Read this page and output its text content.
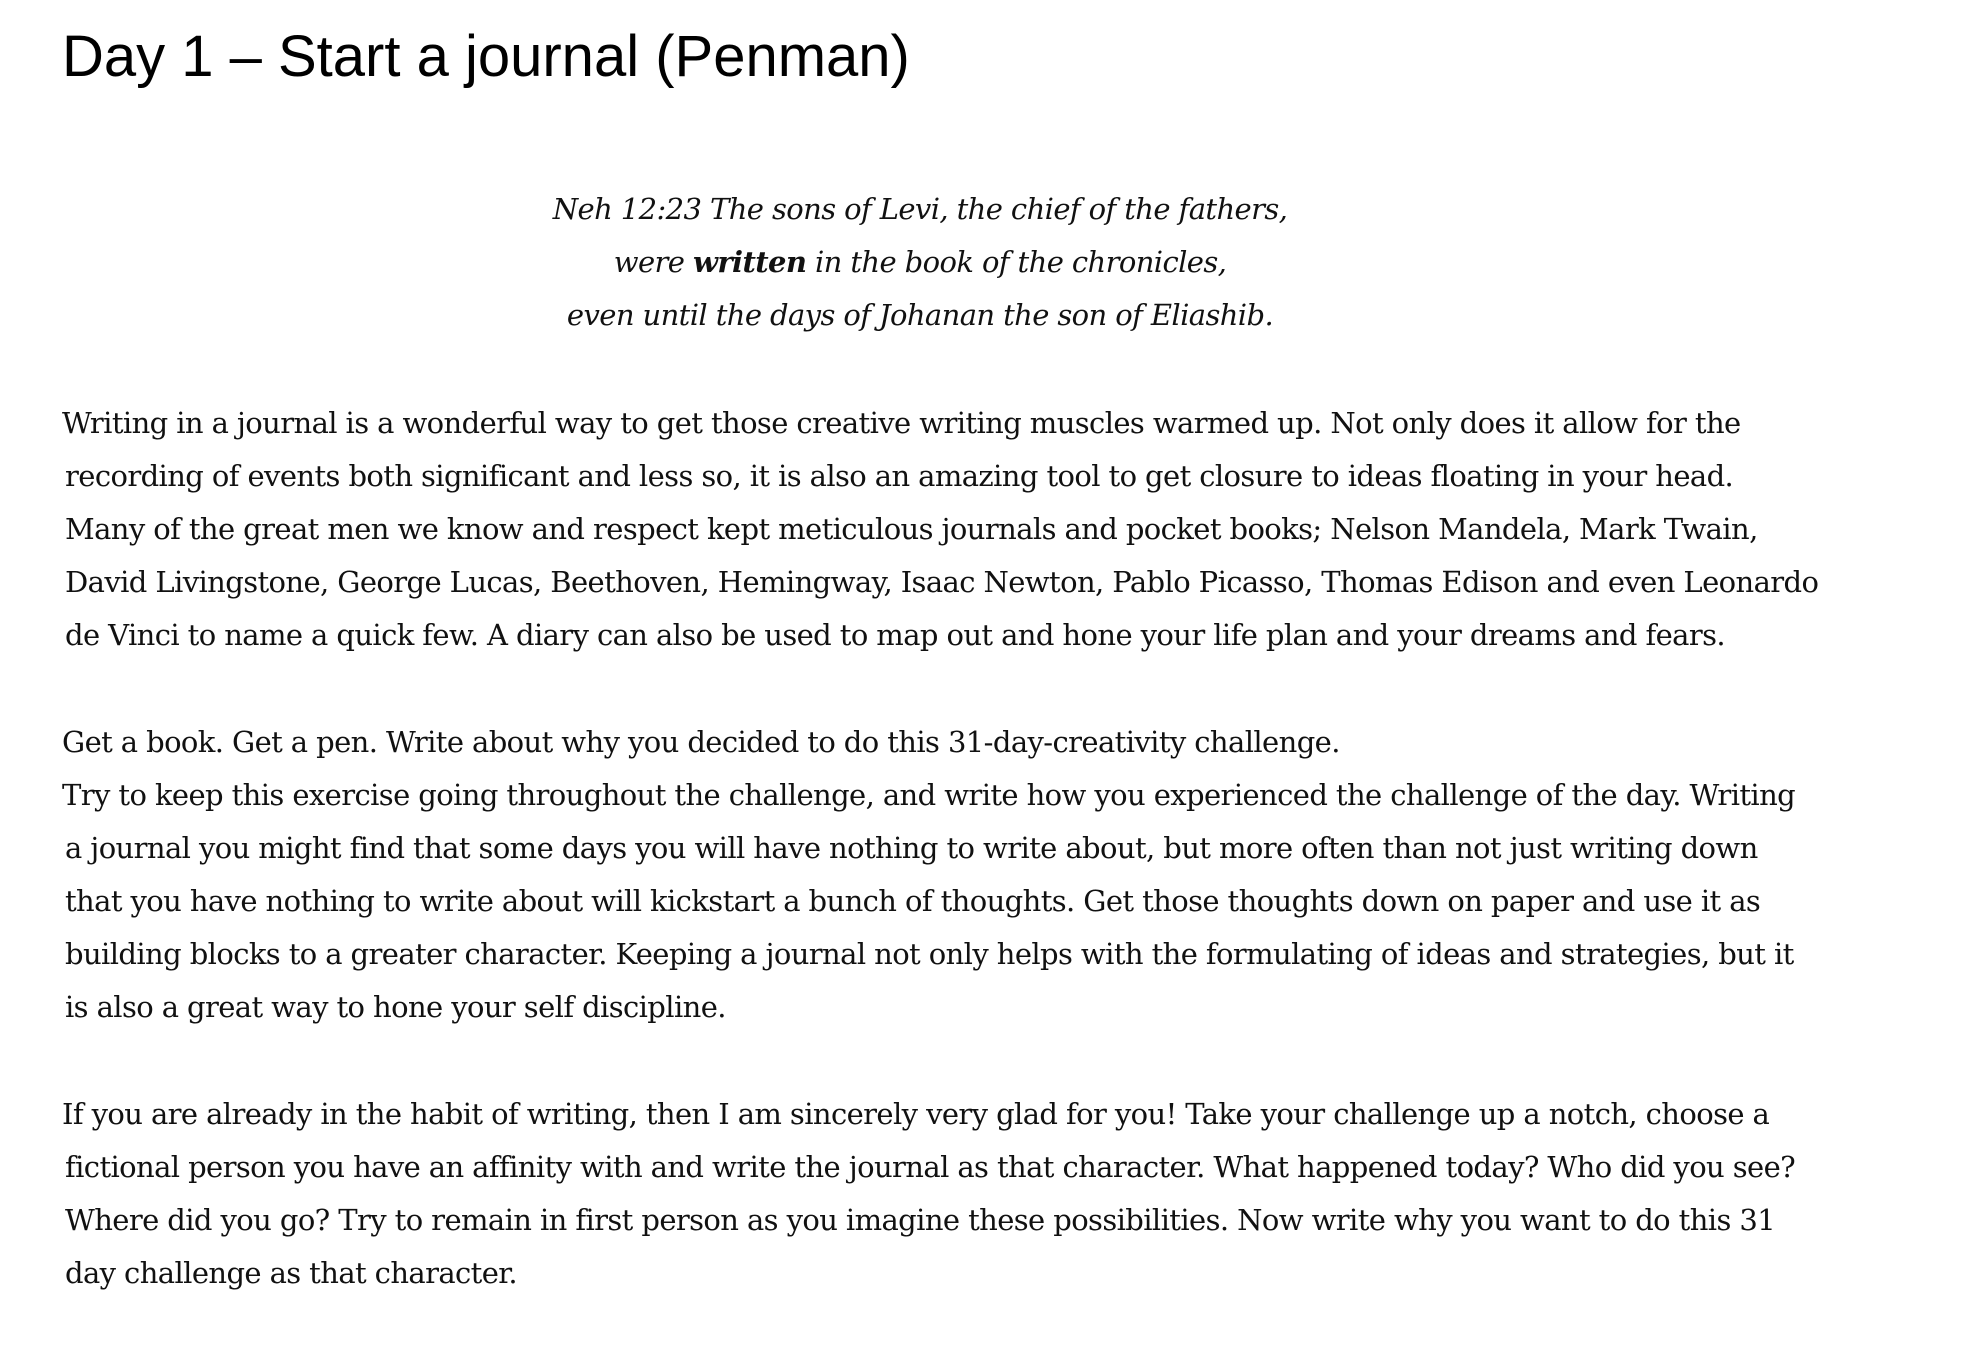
Day 1 – Start a journal (Penman)
Neh 12:23 The sons of Levi, the chief of the fathers,
were written in the book of the chronicles,
even until the days of Johanan the son of Eliashib.
Writing in a journal is a wonderful way to get those creative writing muscles warmed up. Not only does it allow for the
recording of events both significant and less so, it is also an amazing tool to get closure to ideas floating in your head.
Many of the great men we know and respect kept meticulous journals and pocket books; Nelson Mandela, Mark Twain,
David Livingstone, George Lucas, Beethoven, Hemingway, Isaac Newton, Pablo Picasso, Thomas Edison and even Leonardo
de Vinci to name a quick few. A diary can also be used to map out and hone your life plan and your dreams and fears.
Get a book. Get a pen. Write about why you decided to do this 31-day-creativity challenge.
Try to keep this exercise going throughout the challenge, and write how you experienced the challenge of the day. Writing
a journal you might find that some days you will have nothing to write about, but more often than not just writing down
that you have nothing to write about will kickstart a bunch of thoughts. Get those thoughts down on paper and use it as
building blocks to a greater character. Keeping a journal not only helps with the formulating of ideas and strategies, but it
is also a great way to hone your self discipline.
If you are already in the habit of writing, then I am sincerely very glad for you! Take your challenge up a notch, choose a
fictional person you have an affinity with and write the journal as that character. What happened today? Who did you see?
Where did you go? Try to remain in first person as you imagine these possibilities. Now write why you want to do this 31
day challenge as that character.
